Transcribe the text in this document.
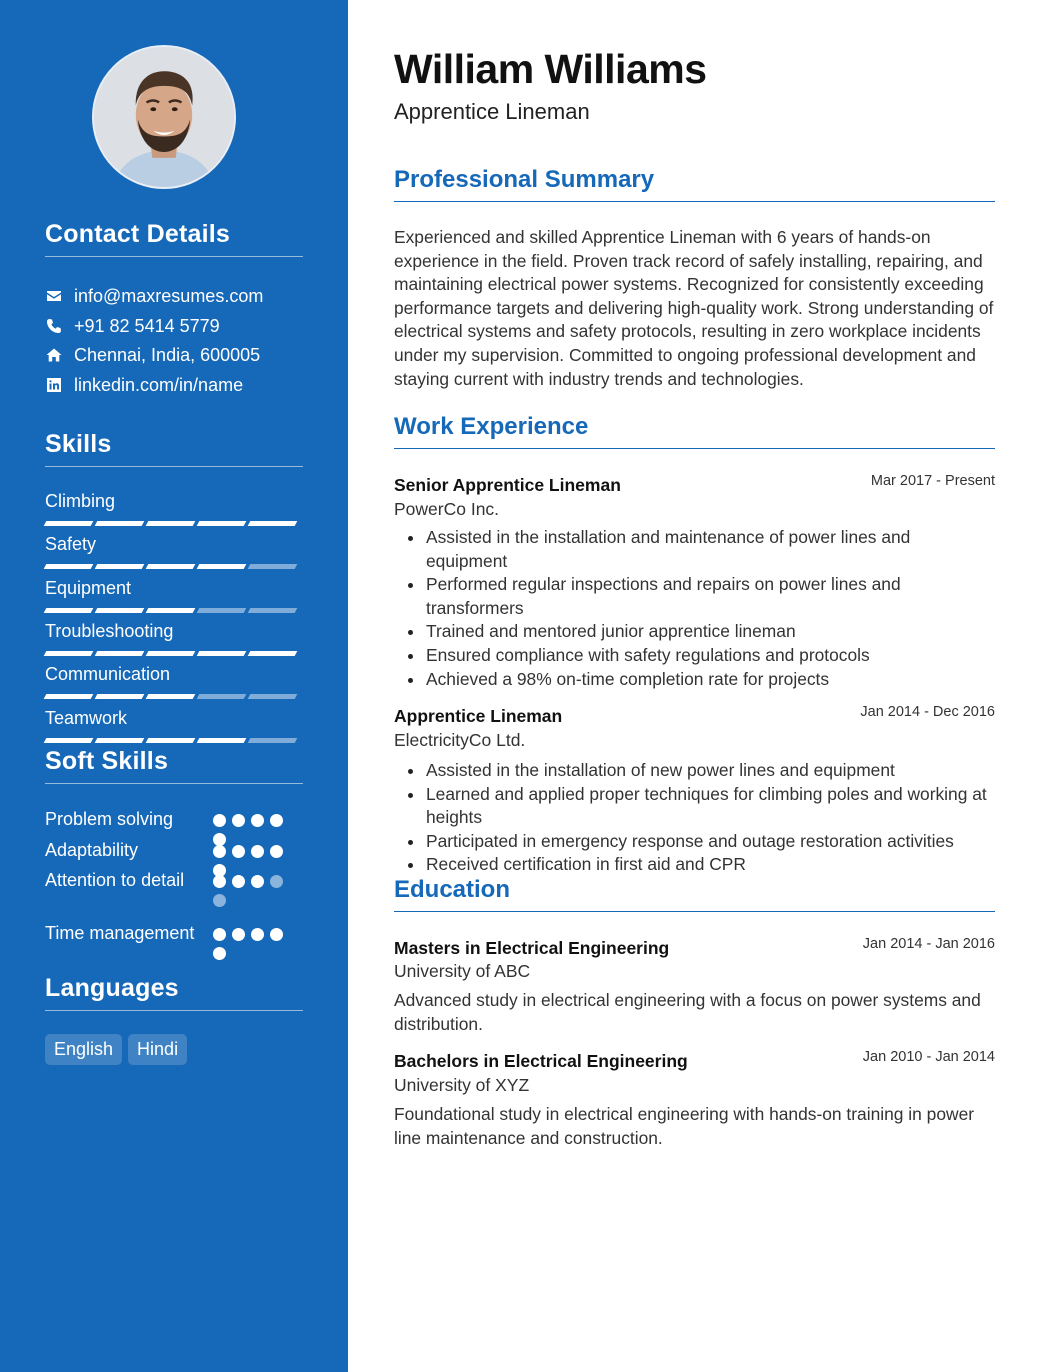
Contact Details
info@maxresumes.com
+91 82 5414 5779
Chennai, India, 600005
linkedin.com/in/name
Skills
Climbing
Safety
Equipment
Troubleshooting
Communication
Teamwork
Soft Skills
Problem solving
Adaptability
Attention to detail
Time management
Languages
English	Hindi
William Williams
Apprentice Lineman
Professional Summary
Experienced and skilled Apprentice Lineman with 6 years of hands-on experience in the field. Proven track record of safely installing, repairing, and maintaining electrical power systems. Recognized for consistently exceeding performance targets and delivering high-quality work. Strong understanding of electrical systems and safety protocols, resulting in zero workplace incidents under my supervision. Committed to ongoing professional development and staying current with industry trends and technologies.
Work Experience
Senior Apprentice Lineman	Mar 2017 - Present
PowerCo Inc.
Assisted in the installation and maintenance of power lines and equipment
Performed regular inspections and repairs on power lines and transformers
Trained and mentored junior apprentice lineman
Ensured compliance with safety regulations and protocols
Achieved a 98% on-time completion rate for projects
Apprentice Lineman	Jan 2014 - Dec 2016
ElectricityCo Ltd.
Assisted in the installation of new power lines and equipment
Learned and applied proper techniques for climbing poles and working at heights
Participated in emergency response and outage restoration activities
Received certification in first aid and CPR
Education
Masters in Electrical Engineering	Jan 2014 - Jan 2016
University of ABC
Advanced study in electrical engineering with a focus on power systems and distribution.
Bachelors in Electrical Engineering	Jan 2010 - Jan 2014
University of XYZ
Foundational study in electrical engineering with hands-on training in power line maintenance and construction.
